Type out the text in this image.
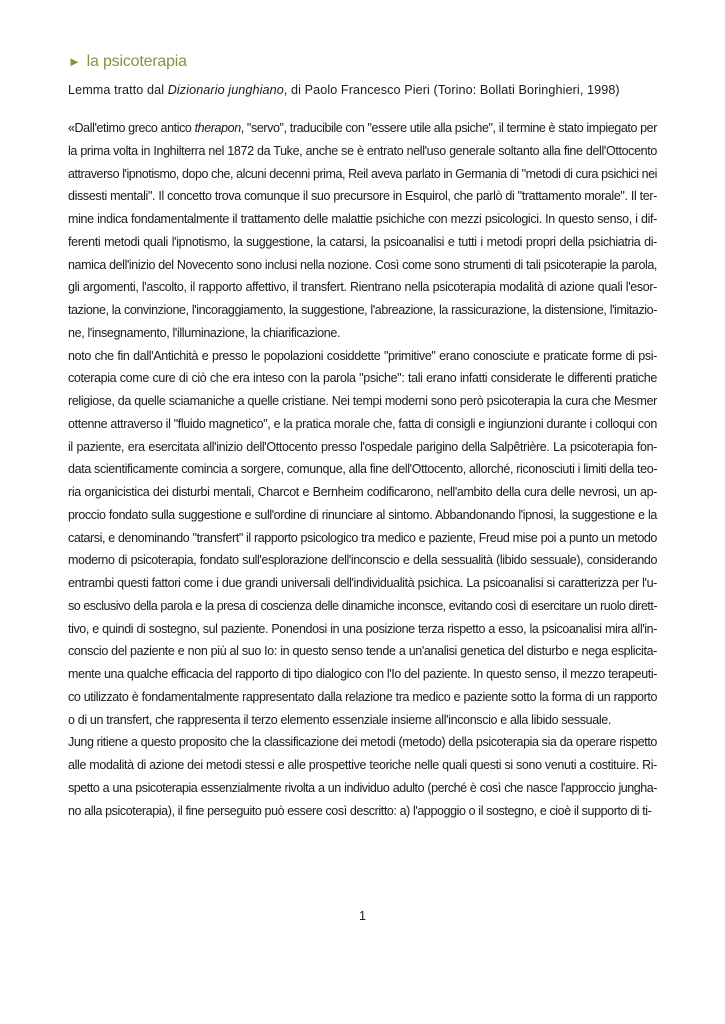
► la psicoterapia

Lemma tratto dal Dizionario junghiano, di Paolo Francesco Pieri (Torino: Bollati Boringhieri, 1998)

«Dall'etimo greco antico therapon, "servo", traducibile con "essere utile alla psiche", il termine è stato impiegato per
la prima volta in Inghilterra nel 1872 da Tuke, anche se è entrato nell'uso generale soltanto alla fine dell'Ottocento
attraverso l'ipnotismo, dopo che, alcuni decenni prima, Reil aveva parlato in Germania di "metodi di cura psichici nei
dissesti mentali". Il concetto trova comunque il suo precursore in Esquirol, che parlò di "trattamento morale". Il ter-
mine indica fondamentalmente il trattamento delle malattie psichiche con mezzi psicologici. In questo senso, i dif-
ferenti metodi quali l'ipnotismo, la suggestione, la catarsi, la psicoanalisi e tutti i metodi propri della psichiatria di-
namica dell'inizio del Novecento sono inclusi nella nozione. Così come sono strumenti di tali psicoterapie la parola,
gli argomenti, l'ascolto, il rapporto affettivo, il transfert. Rientrano nella psicoterapia modalità di azione quali l'esor-
tazione, la convinzione, l'incoraggiamento, la suggestione, l'abreazione, la rassicurazione, la distensione, l'imitazio-
ne, l'insegnamento, l'illuminazione, la chiarificazione.
noto che fin dall'Antichità e presso le popolazioni cosiddette "primitive" erano conosciute e praticate forme di psi-
coterapia come cure di ciò che era inteso con la parola "psiche": tali erano infatti considerate le differenti pratiche
religiose, da quelle sciamaniche a quelle cristiane. Nei tempi moderni sono però psicoterapia la cura che Mesmer
ottenne attraverso il "fluido magnetico", e la pratica morale che, fatta di consigli e ingiunzioni durante i colloqui con
il paziente, era esercitata all'inizio dell'Ottocento presso l'ospedale parigino della Salpêtrière. La psicoterapia fon-
data scientificamente comincia a sorgere, comunque, alla fine dell'Ottocento, allorché, riconosciuti i limiti della teo-
ria organicistica dei disturbi mentali, Charcot e Bernheim codificarono, nell'ambito della cura delle nevrosi, un ap-
proccio fondato sulla suggestione e sull'ordine di rinunciare al sintomo. Abbandonando l'ipnosi, la suggestione e la
catarsi, e denominando "transfert" il rapporto psicologico tra medico e paziente, Freud mise poi a punto un metodo
moderno di psicoterapia, fondato sull'esplorazione dell'inconscio e della sessualità (libido sessuale), considerando
entrambi questi fattori come i due grandi universali dell'individualità psichica. La psicoanalisi si caratterizza per l'u-
so esclusivo della parola e la presa di coscienza delle dinamiche inconsce, evitando così di esercitare un ruolo dirett-
tivo, e quindi di sostegno, sul paziente. Ponendosi in una posizione terza rispetto a esso, la psicoanalisi mira all'in-
conscio del paziente e non più al suo Io: in questo senso tende a un'analisi genetica del disturbo e nega esplicita-
mente una qualche efficacia del rapporto di tipo dialogico con l'Io del paziente. In questo senso, il mezzo terapeuti-
co utilizzato è fondamentalmente rappresentato dalla relazione tra medico e paziente sotto la forma di un rapporto
o di un transfert, che rappresenta il terzo elemento essenziale insieme all'inconscio e alla libido sessuale.
Jung ritiene a questo proposito che la classificazione dei metodi (metodo) della psicoterapia sia da operare rispetto
alle modalità di azione dei metodi stessi e alle prospettive teoriche nelle quali questi si sono venuti a costituire. Ri-
spetto a una psicoterapia essenzialmente rivolta a un individuo adulto (perché è così che nasce l'approccio jungha-
no alla psicoterapia), il fine perseguito può essere così descritto: a) l'appoggio o il sostegno, e cioè il supporto di ti-
1
